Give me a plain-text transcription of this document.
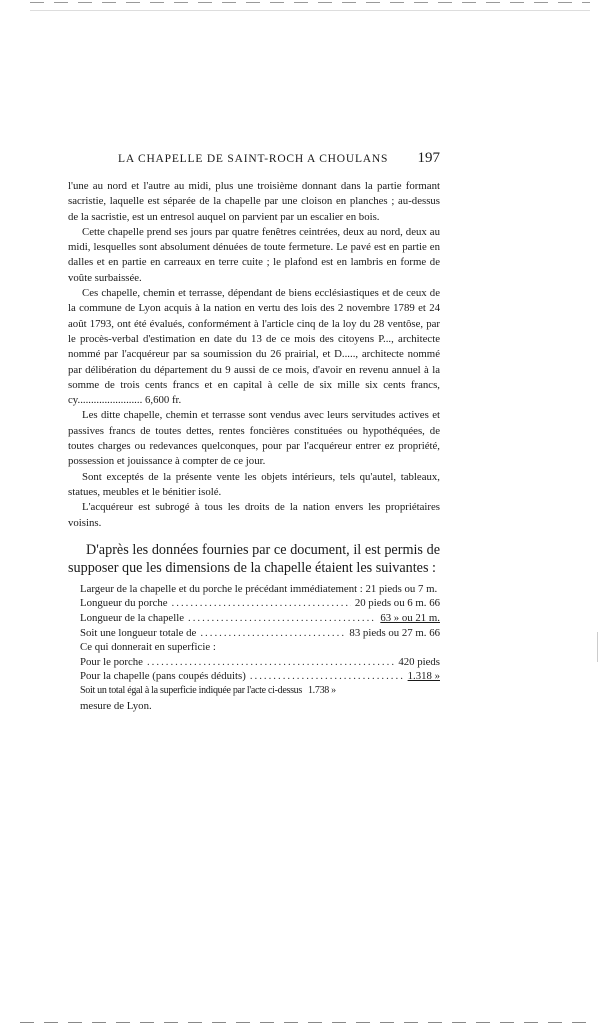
LA CHAPELLE DE SAINT-ROCH A CHOULANS 197

l'une au nord et l'autre au midi, plus une troisième donnant dans la partie formant sacristie, laquelle est séparée de la chapelle par une cloison en planches ; au-dessus de la sacristie, est un entresol auquel on parvient par un escalier en bois.

Cette chapelle prend ses jours par quatre fenêtres ceintrées, deux au nord, deux au midi, lesquelles sont absolument dénuées de toute fermeture. Le pavé est en partie en dalles et en partie en carreaux en terre cuite ; le plafond est en lambris en forme de voûte surbaissée.

Ces chapelle, chemin et terrasse, dépendant de biens ecclésiastiques et de ceux de la commune de Lyon acquis à la nation en vertu des lois des 2 novembre 1789 et 24 août 1793, ont été évalués, conformément à l'article cinq de la loy du 28 ventôse, par le procès-verbal d'estimation en date du 13 de ce mois des citoyens P..., architecte nommé par l'acquéreur par sa soumission du 26 prairial, et D....., architecte nommé par délibération du département du 9 aussi de ce mois, d'avoir en revenu annuel à la somme de trois cents francs et en capital à celle de six mille six cents francs, cy........................ 6,600 fr.

Les ditte chapelle, chemin et terrasse sont vendus avec leurs servitudes actives et passives francs de toutes dettes, rentes foncières constituées ou hypothéquées, de toutes charges ou redevances quelconques, pour par l'acquéreur entrer ez propriété, possession et jouissance à compter de ce jour.

Sont exceptés de la présente vente les objets intérieurs, tels qu'autel, tableaux, statues, meubles et le bénitier isolé.

L'acquéreur est subrogé à tous les droits de la nation envers les propriétaires voisins.

D'après les données fournies par ce document, il est permis de supposer que les dimensions de la chapelle étaient les suivantes :

Largeur de la chapelle et du porche le précédant immédiatement : 21 pieds ou 7 m.
Longueur du porche .....	20 pieds ou 6 m. 66
Longueur de la chapelle .....	63 » ou 21 m.
Soit une longueur totale de .....	83 pieds ou 27 m. 66
Ce qui donnerait en superficie :
Pour le porche .....	420 pieds
Pour la chapelle (pans coupés déduits) .....	1.318 »
Soit un total égal à la superficie indiquée par l'acte ci-dessus 1.738 »
mesure de Lyon.
